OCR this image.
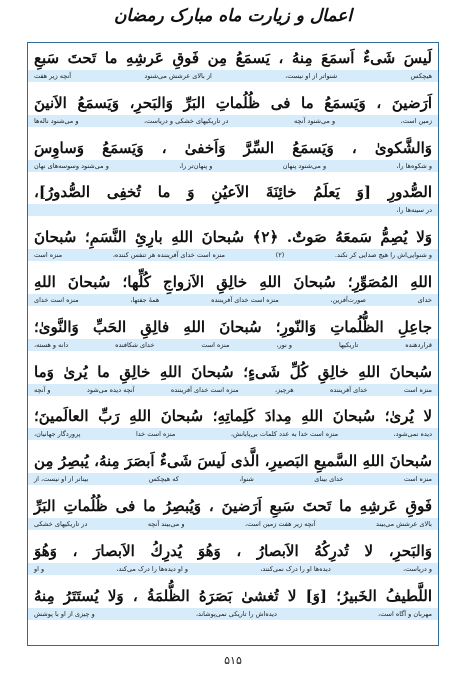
اعمال و زیارت ماه مبارک رمضان
لَيسَ شَىءٌ اَسمَعَ مِنهُ ، يَسمَعُ مِن فَوقِ عَرشِهِ ما تَحتَ سَبعِ
هیچکس
شنواتر از او نیست،
از بالای عرشش می‌شنود
آنچه زیر هفت
اَرَضينَ ، وَيَسمَعُ ما فى ظُلُماتِ البَرِّ وَالبَحرِ، وَيَسمَعُ الاَنينَ
زمین است،
و می‌شنود آنچه
در تاریکیهای خشکی و دریاست،
و می‌شنود ناله‌ها
وَالشَّكوىٰ ، وَيَسمَعُ السِّرَّ وَاَخفىٰ ، وَيَسمَعُ وَساوِسَ
و شکوه‌ها را،
و می‌شنود پنهان
و پنهان‌تر را،
و می‌شنود وسوسه‌های نهان
الصُّدورِ [وَ يَعلَمُ خائِنَةَ الاَعيُنِ وَ ما تُخفِى الصُّدورُ]،
در سینه‌ها را،
وَلا يُصِمُّ سَمعَهُ صَوتٌ. ﴿٢﴾ سُبحانَ اللهِ بارِئِ النَّسَمِ؛ سُبحانَ
و شنوایی‌اش را هیچ صدایی کر نکند.
(۲)
منزه است خدای آفریننده هر تنفس کننده،
منزه است
اللهِ المُصَوِّرِ؛ سُبحانَ اللهِ خالِقِ الاَزواجِ كُلِّها؛ سُبحانَ اللهِ
خدای
صورت‌آفرین،
منزه است خدای آفریننده
همهٔ جفتها،
منزه است خدای
جاعِلِ الظُّلُماتِ وَالنّورِ؛ سُبحانَ اللهِ فالِقِ الحَبِّ وَالنَّوىٰ؛
قراردهنده
تاریکیها
و نور،
منزه است
خدای شکافنده
دانه و هسته،
سُبحانَ اللهِ خالِقِ كُلِّ شَىءٍ؛ سُبحانَ اللهِ خالِقِ ما يُرىٰ وَما
منزه است
خدای آفریننده
هرچیز،
منزه است خدای آفریننده
آنچه دیده می‌شود
و آنچه
لا يُرىٰ؛ سُبحانَ اللهِ مِدادَ كَلِماتِهِ؛ سُبحانَ اللهِ رَبِّ العالَمينَ؛
دیده نمی‌شود،
منزه است خدا به عدد کلمات بی‌پایانش،
منزه است خدا
پروردگار جهانیان،
سُبحانَ اللهِ السَّميعِ البَصيرِ، الَّذى لَيسَ شَىءٌ اَبصَرَ مِنهُ، يُبصِرُ مِن
منزه است
خدای بینای
شنوا،
که هیچکس
بیناتر از او نیست، از
فَوقِ عَرشِهِ ما تَحتَ سَبعِ اَرَضينَ ، وَيُبصِرُ ما فى ظُلُماتِ البَرِّ
بالای عرشش می‌بیند
آنچه زیر هفت زمین است،
و می‌بیند آنچه
در تاریکیهای خشکی
وَالبَحرِ، لا تُدرِكُهُ الاَبصارُ ، وَهُوَ يُدرِكُ الاَبصارَ ، وَهُوَ
و دریاست،
دیده‌ها او را درک نمی‌کنند،
و او دیده‌ها را درک می‌کند،
و او
اللَّطيفُ الخَبيرُ؛ [وَ] لا تُغشىٰ بَصَرَهُ الظُّلمَةُ ، وَلا يُستَتَرُ مِنهُ
مهربان و آگاه است،
دیده‌اش را تاریکی نمی‌پوشاند،
و چیزی از او با پوشش
۵۱۵
